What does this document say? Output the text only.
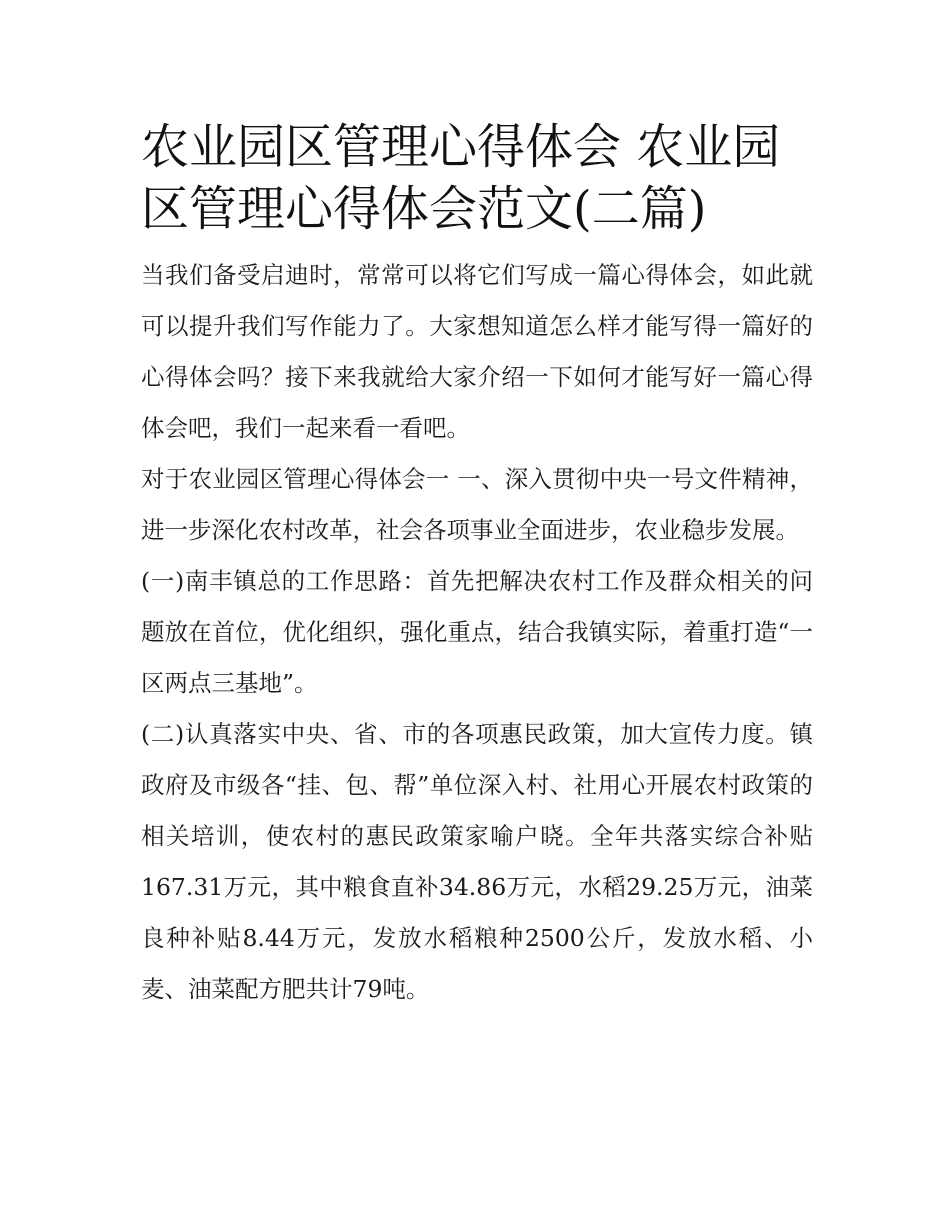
农业园区管理心得体会 农业园区管理心得体会范文(二篇)

当我们备受启迪时，常常可以将它们写成一篇心得体会，如此就可以提升我们写作能力了。大家想知道怎么样才能写得一篇好的心得体会吗？接下来我就给大家介绍一下如何才能写好一篇心得体会吧，我们一起来看一看吧。

对于农业园区管理心得体会一 一、深入贯彻中央一号文件精神，进一步深化农村改革，社会各项事业全面进步，农业稳步发展。

(一)南丰镇总的工作思路：首先把解决农村工作及群众相关的问题放在首位，优化组织，强化重点，结合我镇实际，着重打造“一区两点三基地”。

(二)认真落实中央、省、市的各项惠民政策，加大宣传力度。镇政府及市级各“挂、包、帮”单位深入村、社用心开展农村政策的相关培训，使农村的惠民政策家喻户晓。全年共落实综合补贴167.31万元，其中粮食直补34.86万元，水稻29.25万元，油菜良种补贴8.44万元，发放水稻粮种2500公斤，发放水稻、小麦、油菜配方肥共计79吨。
